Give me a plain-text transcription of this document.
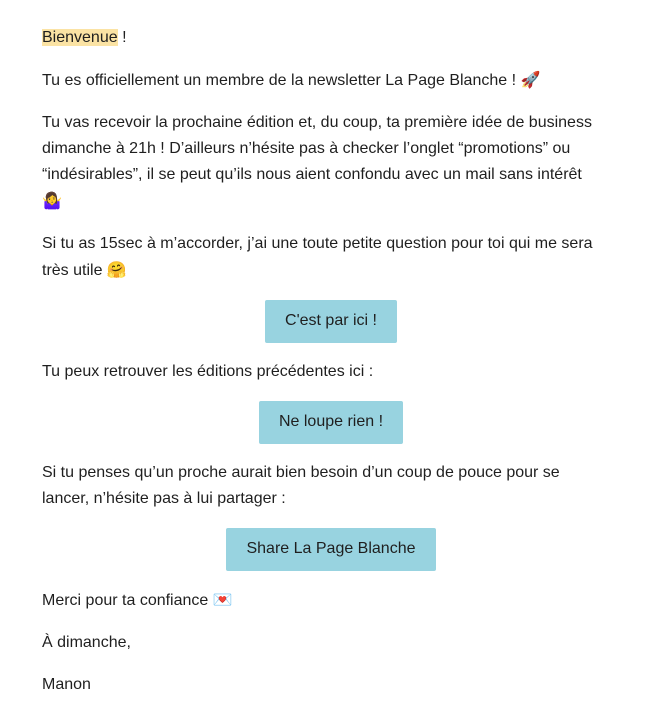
Bienvenue !

Tu es officiellement un membre de la newsletter La Page Blanche ! 🚀

Tu vas recevoir la prochaine édition et, du coup, ta première idée de business dimanche à 21h ! D’ailleurs n’hésite pas à checker l’onglet “promotions” ou “indésirables”, il se peut qu’ils nous aient confondu avec un mail sans intérêt 🤷‍♀️

Si tu as 15sec à m’accorder, j’ai une toute petite question pour toi qui me sera très utile 🤗

C'est par ici !

Tu peux retrouver les éditions précédentes ici :

Ne loupe rien !

Si tu penses qu’un proche aurait bien besoin d’un coup de pouce pour se lancer, n’hésite pas à lui partager :

Share La Page Blanche

Merci pour ta confiance 💌

À dimanche,

Manon
